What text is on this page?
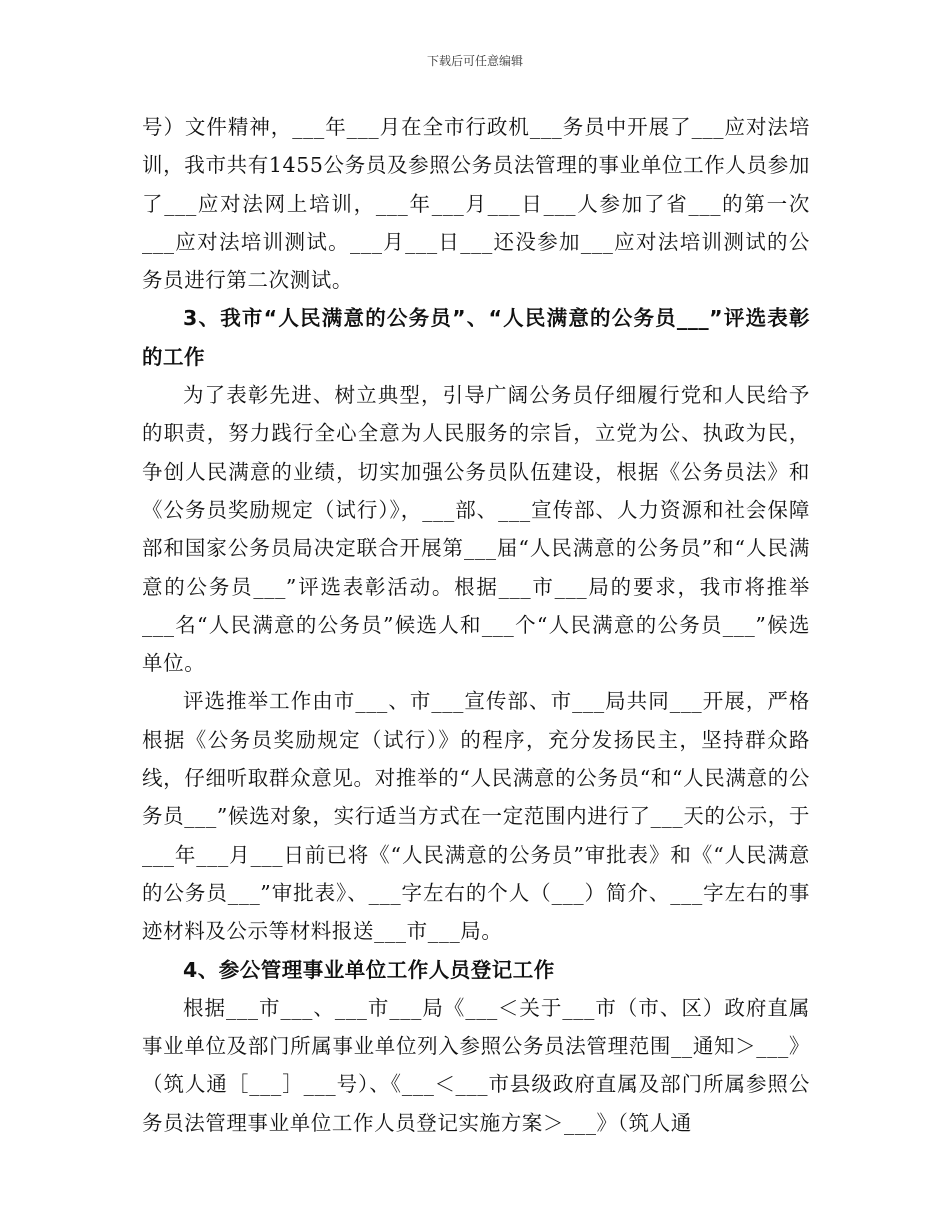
下载后可任意编辑

号）文件精神，___年___月在全市行政机___务员中开展了___应对法培训，我市共有1455公务员及参照公务员法管理的事业单位工作人员参加了___应对法网上培训，___年___月___日___人参加了省___的第一次___应对法培训测试。___月___日___还没参加___应对法培训测试的公务员进行第二次测试。

3、我市“人民满意的公务员”、“人民满意的公务员___”评选表彰的工作

为了表彰先进、树立典型，引导广阔公务员仔细履行党和人民给予的职责，努力践行全心全意为人民服务的宗旨，立党为公、执政为民，争创人民满意的业绩，切实加强公务员队伍建设，根据《公务员法》和《公务员奖励规定（试行）》，___部、___宣传部、人力资源和社会保障部和国家公务员局决定联合开展第___届“人民满意的公务员”和“人民满意的公务员___”评选表彰活动。根据___市___局的要求，我市将推举___名“人民满意的公务员”候选人和___个“人民满意的公务员___”候选单位。

评选推举工作由市___、市___宣传部、市___局共同___开展，严格根据《公务员奖励规定（试行）》的程序，充分发扬民主，坚持群众路线，仔细听取群众意见。对推举的“人民满意的公务员“和“人民满意的公务员___”候选对象，实行适当方式在一定范围内进行了___天的公示，于___年___月___日前已将《“人民满意的公务员”审批表》和《“人民满意的公务员___”审批表》、___字左右的个人（___）简介、___字左右的事迹材料及公示等材料报送___市___局。

4、参公管理事业单位工作人员登记工作

根据___市___、___市___局《___＜关于___市（市、区）政府直属事业单位及部门所属事业单位列入参照公务员法管理范围__通知＞___》（筑人通［___］___号）、《___＜___市县级政府直属及部门所属参照公务员法管理事业单位工作人员登记实施方案＞___》（筑人通
